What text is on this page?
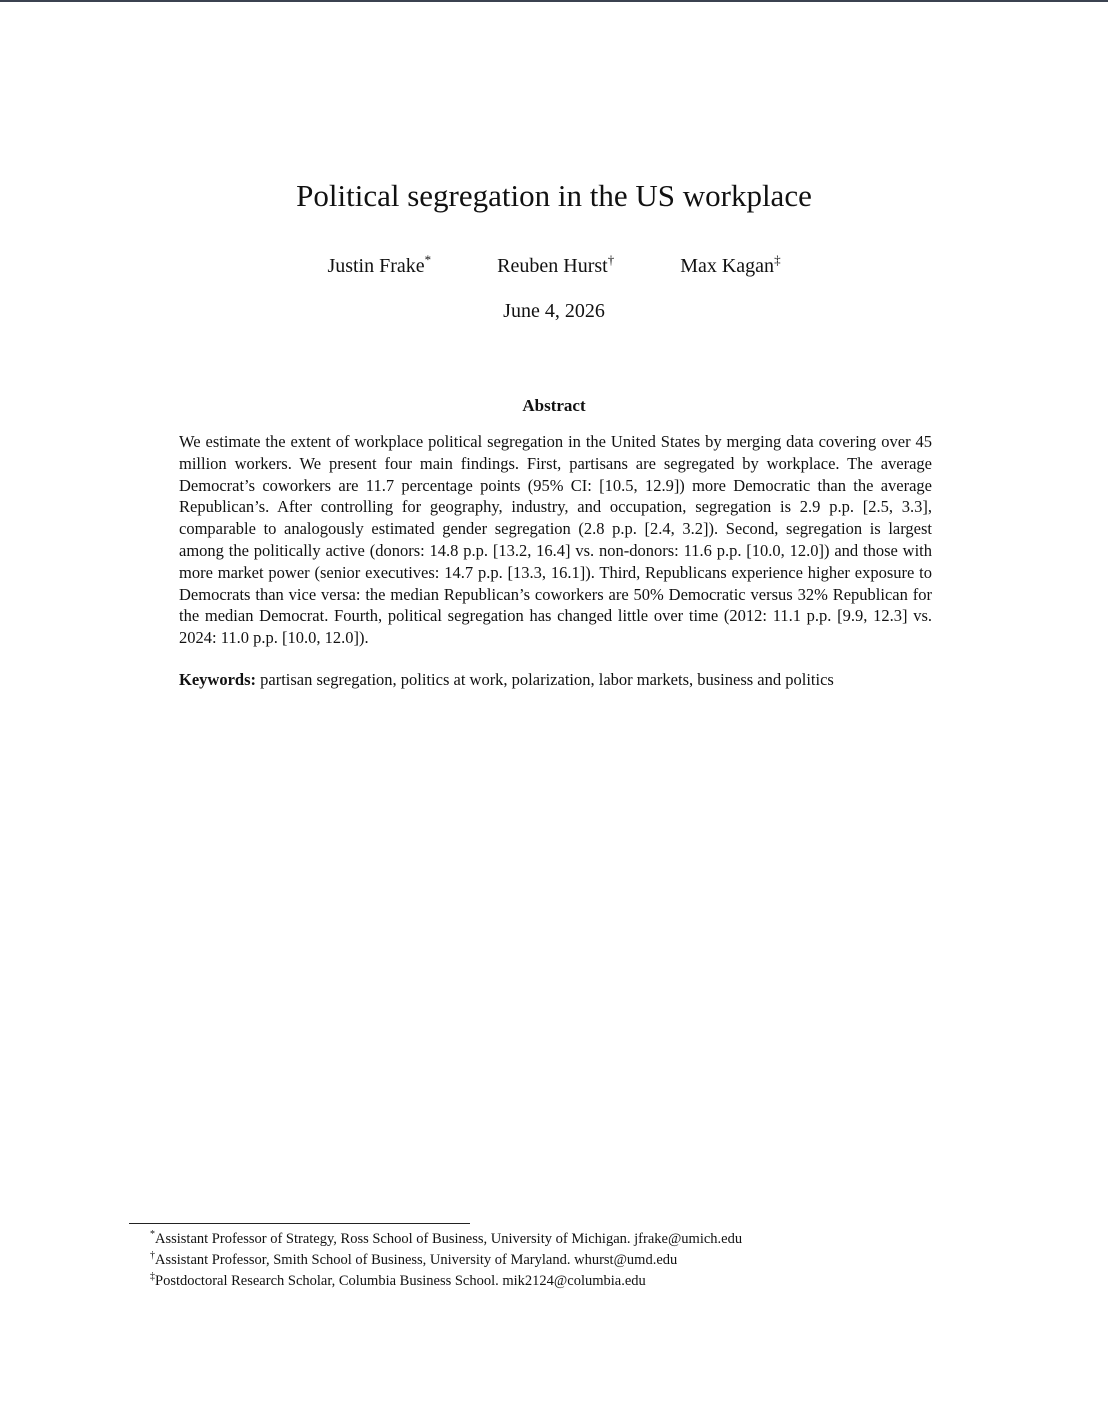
Political segregation in the US workplace
Justin Frake*	Reuben Hurst†	Max Kagan‡
June 4, 2026
Abstract
We estimate the extent of workplace political segregation in the United States by merging data covering over 45 million workers. We present four main findings. First, partisans are segregated by workplace. The average Democrat’s coworkers are 11.7 percentage points (95% CI: [10.5, 12.9]) more Democratic than the average Republican’s. After controlling for geography, industry, and occupation, segregation is 2.9 p.p. [2.5, 3.3], comparable to analogously estimated gender segregation (2.8 p.p. [2.4, 3.2]). Second, segregation is largest among the politically active (donors: 14.8 p.p. [13.2, 16.4] vs. non-donors: 11.6 p.p. [10.0, 12.0]) and those with more market power (senior executives: 14.7 p.p. [13.3, 16.1]). Third, Republicans experience higher exposure to Democrats than vice versa: the median Republican’s coworkers are 50% Democratic versus 32% Republican for the median Democrat. Fourth, political segregation has changed little over time (2012: 11.1 p.p. [9.9, 12.3] vs. 2024: 11.0 p.p. [10.0, 12.0]).
Keywords: partisan segregation, politics at work, polarization, labor markets, business and politics
*Assistant Professor of Strategy, Ross School of Business, University of Michigan. jfrake@umich.edu
†Assistant Professor, Smith School of Business, University of Maryland. whurst@umd.edu
‡Postdoctoral Research Scholar, Columbia Business School. mik2124@columbia.edu
